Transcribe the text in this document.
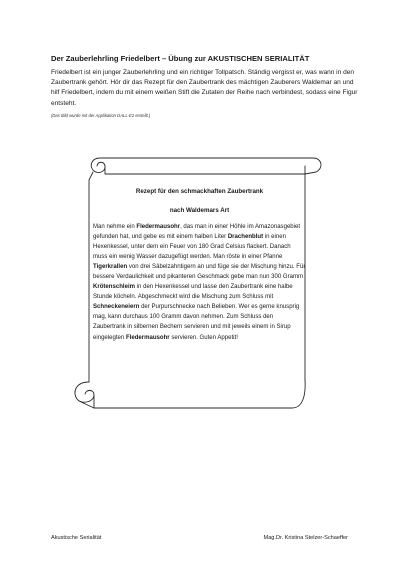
Der Zauberlehrling Friedelbert – Übung zur AKUSTISCHEN SERIALITÄT
Friedelbert ist ein junger Zauberlehrling und ein richtiger Tollpatsch. Ständig vergisst er, was wann in den Zaubertrank gehört. Hör dir das Rezept für den Zaubertrank des mächtigen Zauberers Waldemar an und hilf Friedelbert, indem du mit einem weißen Stift die Zutaten der Reihe nach verbindest, sodass eine Figur entsteht.
(Das Bild wurde mit der Applikation DALL-E2 erstellt.)
Rezept für den schmackhaften Zaubertrank
nach Waldemars Art
Man nehme ein Fledermausohr, das man in einer Höhle im Amazonasgebiet gefunden hat, und gebe es mit einem halben Liter Drachenblut in einen Hexenkessel, unter dem ein Feuer von 180 Grad Celsius flackert. Danach muss ein wenig Wasser dazugefügt werden. Man röste in einer Pfanne Tigerkrallen von drei Säbelzahntigern an und füge sie der Mischung hinzu. Für bessere Verdaulichkeit und pikanteren Geschmack gebe man nun 300 Gramm Krötenschleim in den Hexenkessel und lasse den Zaubertrank eine halbe Stunde köcheln. Abgeschmeckt wird die Mischung zum Schluss mit Schneckeneiern der Purpurschnecke nach Belieben. Wer es gerne knusprig mag, kann durchaus 100 Gramm davon nehmen. Zum Schluss den Zaubertrank in silbernen Bechern servieren und mit jeweils einem in Sirup eingelegten Fledermausohr servieren. Guten Appetit!
Akustische Serialität	Mag.Dr. Kristina Stelzer-Schaeffer
